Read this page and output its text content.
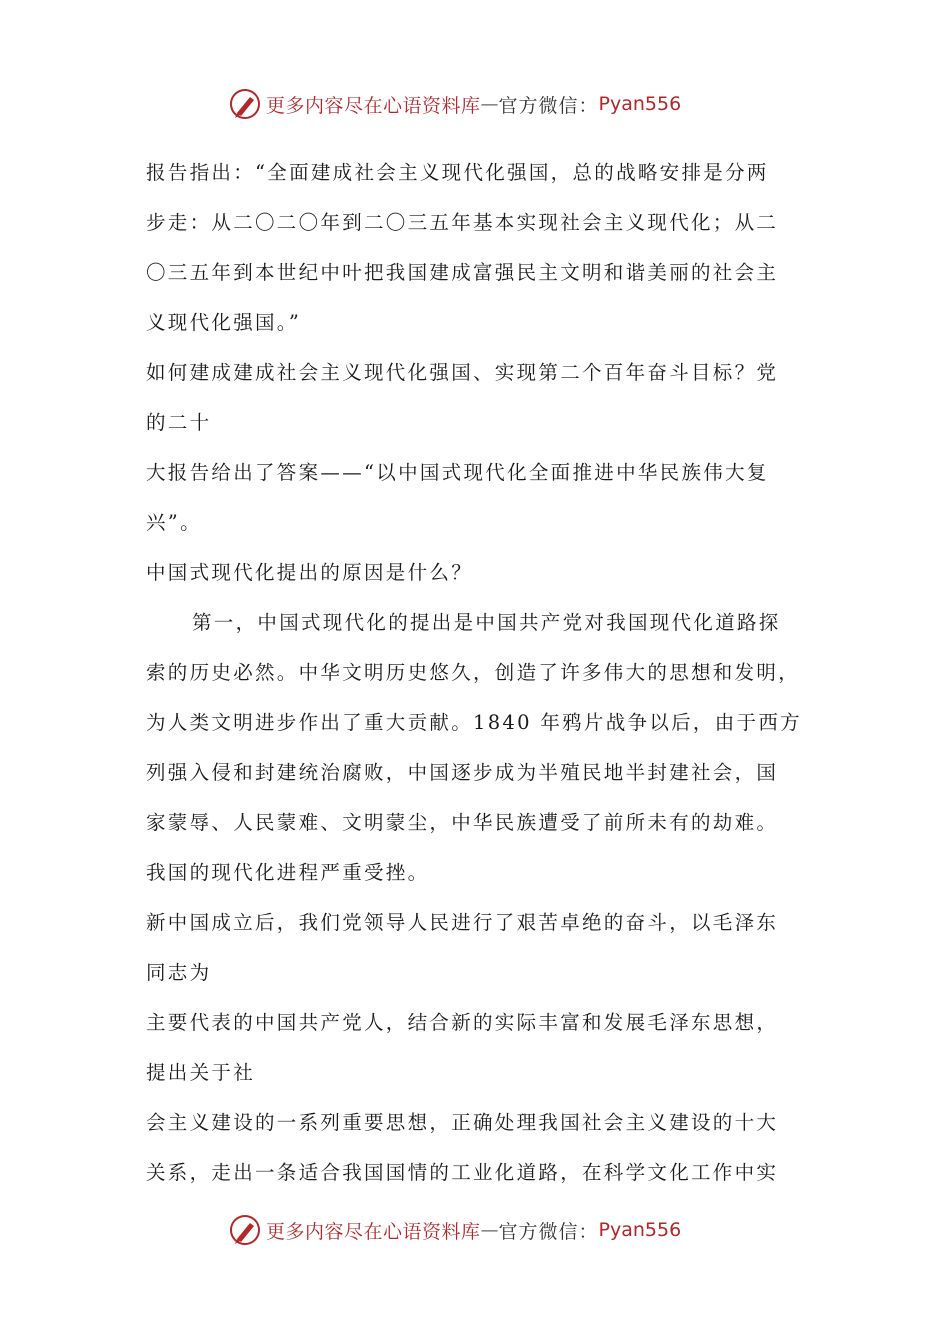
更多内容尽在心语资料库 — 官方微信： Pyan556
报告指出：“全面建成社会主义现代化强国，总的战略安排是分两
步走：从二〇二〇年到二〇三五年基本实现社会主义现代化；从二
〇三五年到本世纪中叶把我国建成富强民主文明和谐美丽的社会主
义现代化强国。”
如何建成建成社会主义现代化强国、实现第二个百年奋斗目标？党
的二十
大报告给出了答案——“以中国式现代化全面推进中华民族伟大复
兴”。
中国式现代化提出的原因是什么？
第一，中国式现代化的提出是中国共产党对我国现代化道路探
索的历史必然。中华文明历史悠久，创造了许多伟大的思想和发明，
为人类文明进步作出了重大贡献。1840 年鸦片战争以后，由于西方
列强入侵和封建统治腐败，中国逐步成为半殖民地半封建社会，国
家蒙辱、人民蒙难、文明蒙尘，中华民族遭受了前所未有的劫难。
我国的现代化进程严重受挫。
新中国成立后，我们党领导人民进行了艰苦卓绝的奋斗，以毛泽东
同志为
主要代表的中国共产党人，结合新的实际丰富和发展毛泽东思想，
提出关于社
会主义建设的一系列重要思想，正确处理我国社会主义建设的十大
关系，走出一条适合我国国情的工业化道路，在科学文化工作中实
更多内容尽在心语资料库 — 官方微信： Pyan556
